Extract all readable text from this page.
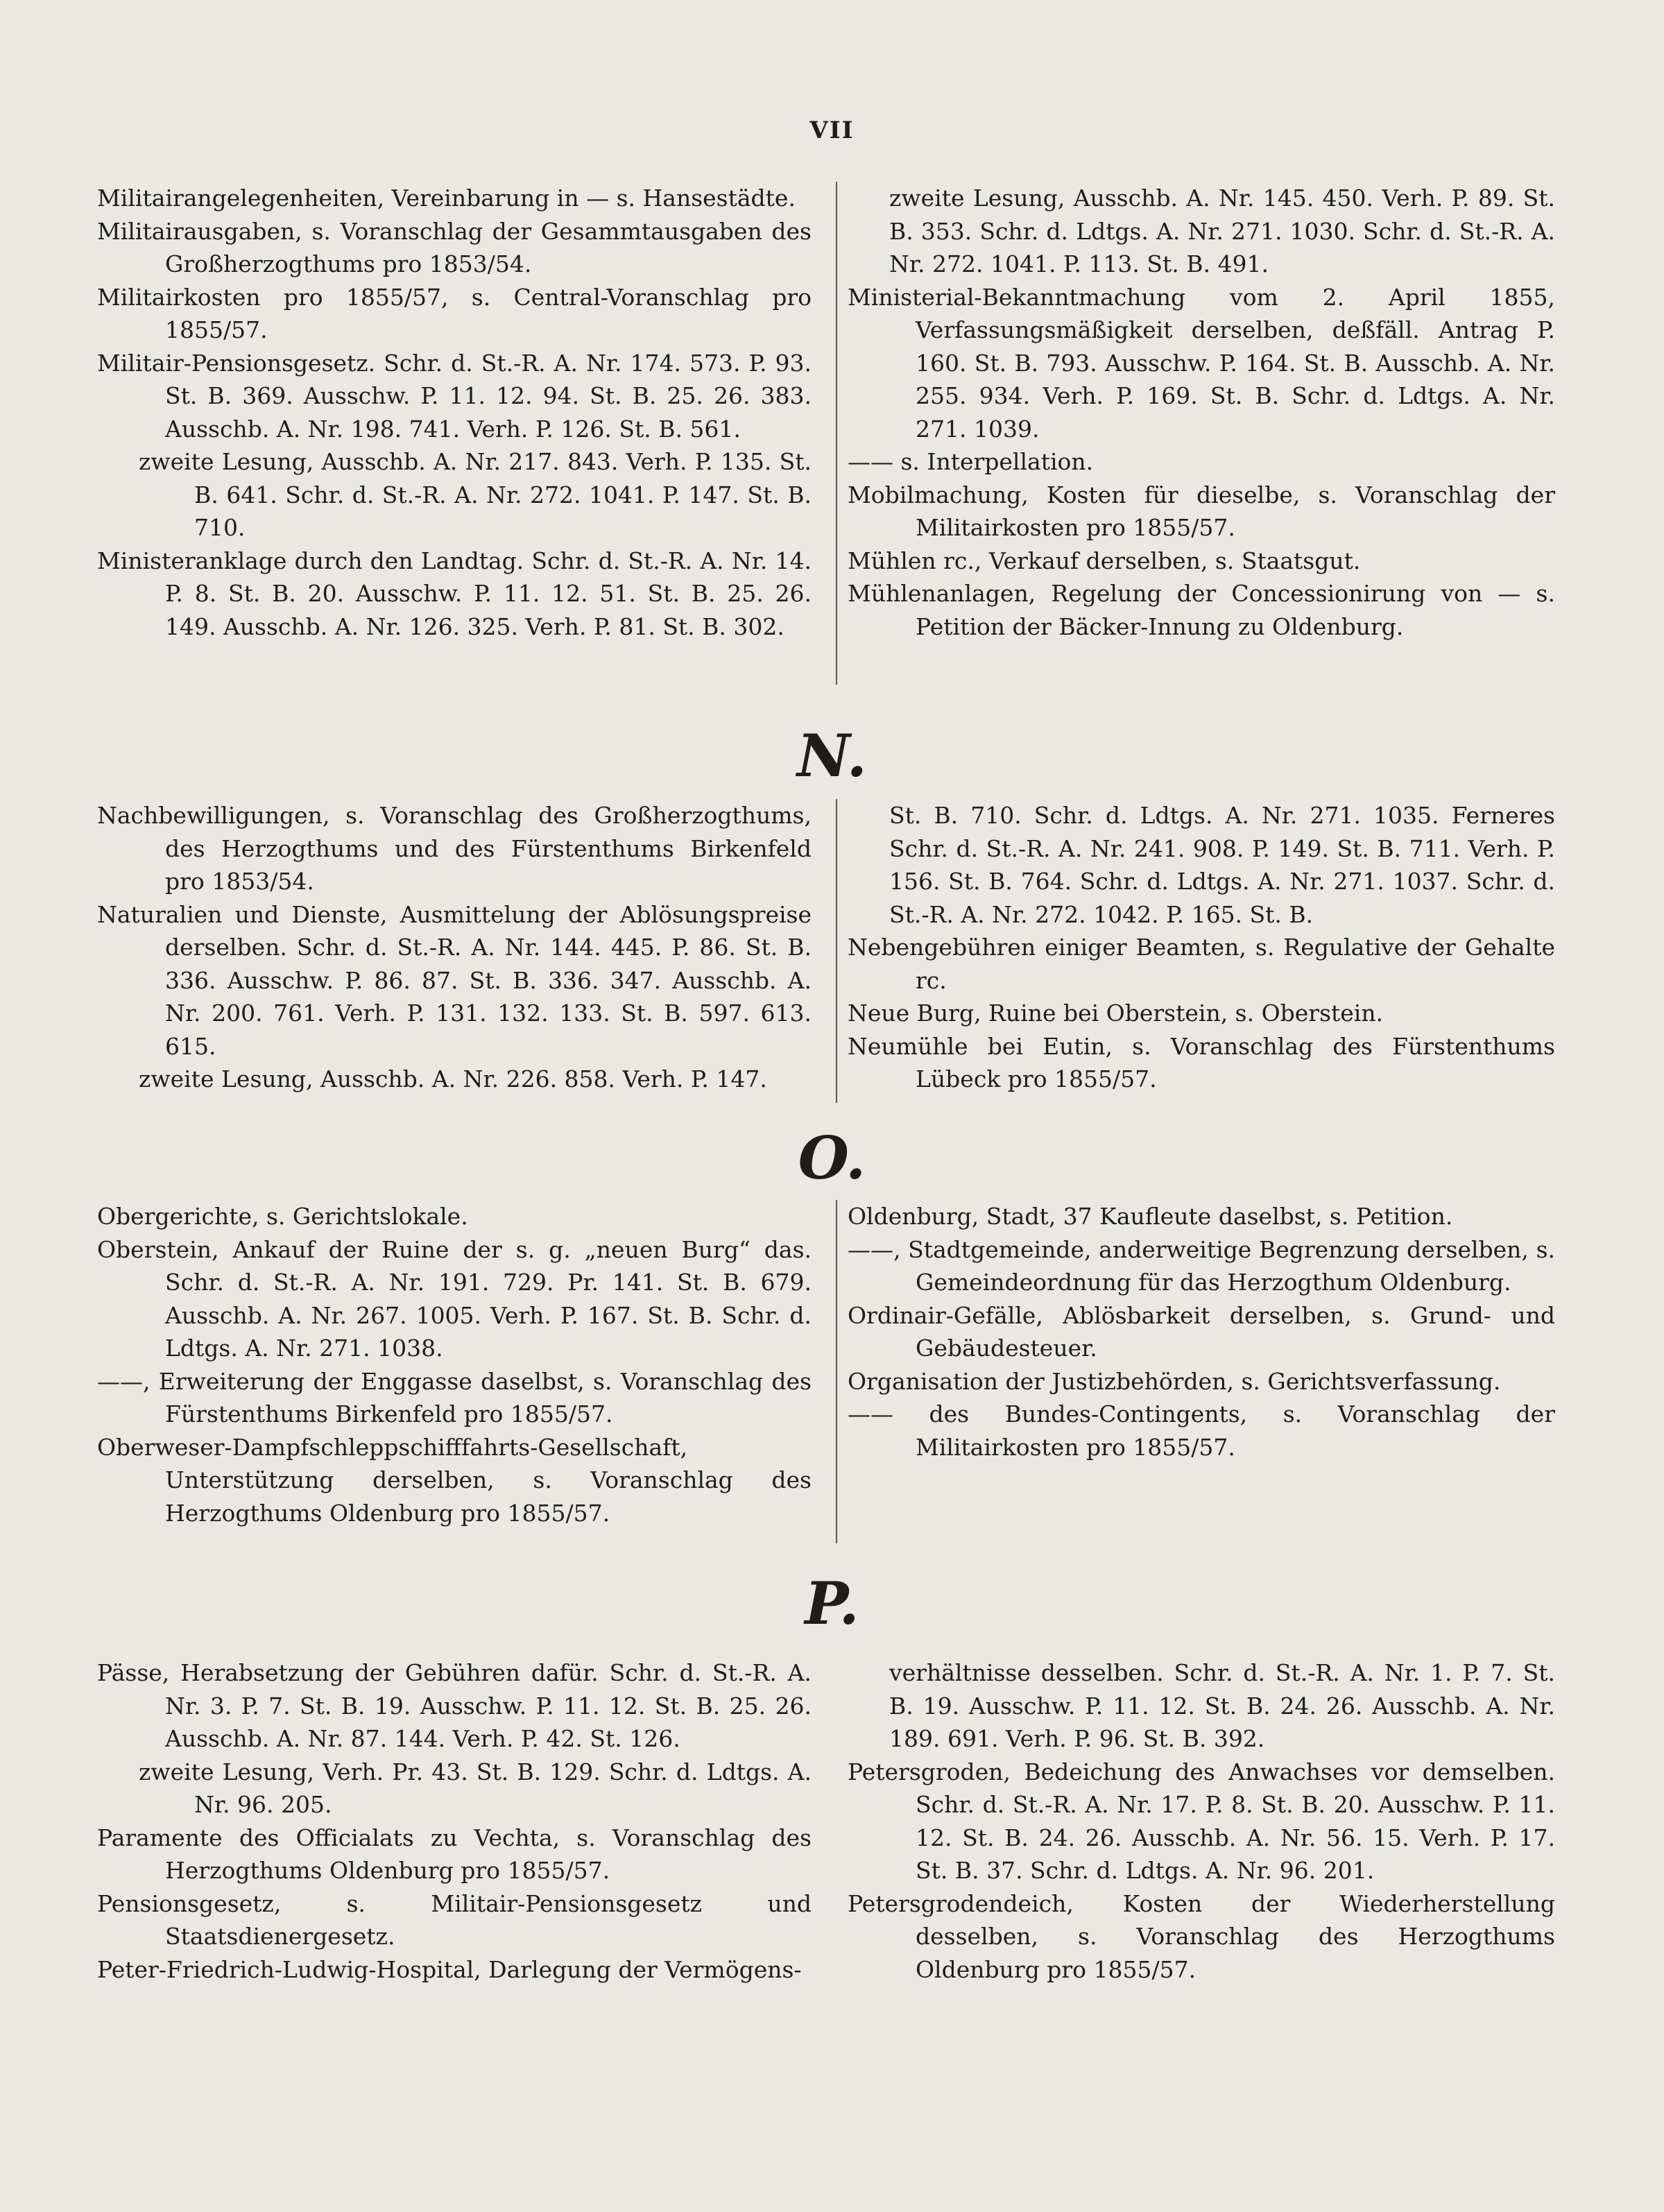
VII
Militairangelegenheiten, Vereinbarung in — s. Hansestädte.
Militairausgaben, s. Voranschlag der Gesammtausgaben des Großherzogthums pro 1853/54.
Militairkosten pro 1855/57, s. Central-Voranschlag pro 1855/57.
Militair-Pensionsgesetz. Schr. d. St.-R. A. Nr. 174. 573. P. 93. St. B. 369. Ausschw. P. 11. 12. 94. St. B. 25. 26. 383. Ausschb. A. Nr. 198. 741. Verh. P. 126. St. B. 561.
zweite Lesung, Ausschb. A. Nr. 217. 843. Verh. P. 135. St. B. 641. Schr. d. St.-R. A. Nr. 272. 1041. P. 147. St. B. 710.
Ministeranklage durch den Landtag. Schr. d. St.-R. A. Nr. 14. P. 8. St. B. 20. Ausschw. P. 11. 12. 51. St. B. 25. 26. 149. Ausschb. A. Nr. 126. 325. Verh. P. 81. St. B. 302.
zweite Lesung, Ausschb. A. Nr. 145. 450. Verh. P. 89. St. B. 353. Schr. d. Ldtgs. A. Nr. 271. 1030. Schr. d. St.-R. A. Nr. 272. 1041. P. 113. St. B. 491.
Ministerial-Bekanntmachung vom 2. April 1855, Verfassungsmäßigkeit derselben, deßfäll. Antrag P. 160. St. B. 793. Ausschw. P. 164. St. B. Ausschb. A. Nr. 255. 934. Verh. P. 169. St. B. Schr. d. Ldtgs. A. Nr. 271. 1039.
—— s. Interpellation.
Mobilmachung, Kosten für dieselbe, s. Voranschlag der Militairkosten pro 1855/57.
Mühlen rc., Verkauf derselben, s. Staatsgut.
Mühlenanlagen, Regelung der Concessionirung von — s. Petition der Bäcker-Innung zu Oldenburg.
N.
Nachbewilligungen, s. Voranschlag des Großherzogthums, des Herzogthums und des Fürstenthums Birkenfeld pro 1853/54.
Naturalien und Dienste, Ausmittelung der Ablösungspreise derselben. Schr. d. St.-R. A. Nr. 144. 445. P. 86. St. B. 336. Ausschw. P. 86. 87. St. B. 336. 347. Ausschb. A. Nr. 200. 761. Verh. P. 131. 132. 133. St. B. 597. 613. 615.
zweite Lesung, Ausschb. A. Nr. 226. 858. Verh. P. 147.
St. B. 710. Schr. d. Ldtgs. A. Nr. 271. 1035. Ferneres Schr. d. St.-R. A. Nr. 241. 908. P. 149. St. B. 711. Verh. P. 156. St. B. 764. Schr. d. Ldtgs. A. Nr. 271. 1037. Schr. d. St.-R. A. Nr. 272. 1042. P. 165. St. B.
Nebengebühren einiger Beamten, s. Regulative der Gehalte rc.
Neue Burg, Ruine bei Oberstein, s. Oberstein.
Neumühle bei Eutin, s. Voranschlag des Fürstenthums Lübeck pro 1855/57.
O.
Obergerichte, s. Gerichtslokale.
Oberstein, Ankauf der Ruine der s. g. „neuen Burg“ das. Schr. d. St.-R. A. Nr. 191. 729. Pr. 141. St. B. 679. Ausschb. A. Nr. 267. 1005. Verh. P. 167. St. B. Schr. d. Ldtgs. A. Nr. 271. 1038.
——, Erweiterung der Enggasse daselbst, s. Voranschlag des Fürstenthums Birkenfeld pro 1855/57.
Oberweser-Dampfschleppschifffahrts-Gesellschaft, Unterstützung derselben, s. Voranschlag des Herzogthums Oldenburg pro 1855/57.
Oldenburg, Stadt, 37 Kaufleute daselbst, s. Petition.
——, Stadtgemeinde, anderweitige Begrenzung derselben, s. Gemeindeordnung für das Herzogthum Oldenburg.
Ordinair-Gefälle, Ablösbarkeit derselben, s. Grund- und Gebäudesteuer.
Organisation der Justizbehörden, s. Gerichtsverfassung.
—— des Bundes-Contingents, s. Voranschlag der Militairkosten pro 1855/57.
P.
Pässe, Herabsetzung der Gebühren dafür. Schr. d. St.-R. A. Nr. 3. P. 7. St. B. 19. Ausschw. P. 11. 12. St. B. 25. 26. Ausschb. A. Nr. 87. 144. Verh. P. 42. St. 126.
zweite Lesung, Verh. Pr. 43. St. B. 129. Schr. d. Ldtgs. A. Nr. 96. 205.
Paramente des Officialats zu Vechta, s. Voranschlag des Herzogthums Oldenburg pro 1855/57.
Pensionsgesetz, s. Militair-Pensionsgesetz und Staatsdienergesetz.
Peter-Friedrich-Ludwig-Hospital, Darlegung der Vermögens-
verhältnisse desselben. Schr. d. St.-R. A. Nr. 1. P. 7. St. B. 19. Ausschw. P. 11. 12. St. B. 24. 26. Ausschb. A. Nr. 189. 691. Verh. P. 96. St. B. 392.
Petersgroden, Bedeichung des Anwachses vor demselben. Schr. d. St.-R. A. Nr. 17. P. 8. St. B. 20. Ausschw. P. 11. 12. St. B. 24. 26. Ausschb. A. Nr. 56. 15. Verh. P. 17. St. B. 37. Schr. d. Ldtgs. A. Nr. 96. 201.
Petersgrodendeich, Kosten der Wiederherstellung desselben, s. Voranschlag des Herzogthums Oldenburg pro 1855/57.
